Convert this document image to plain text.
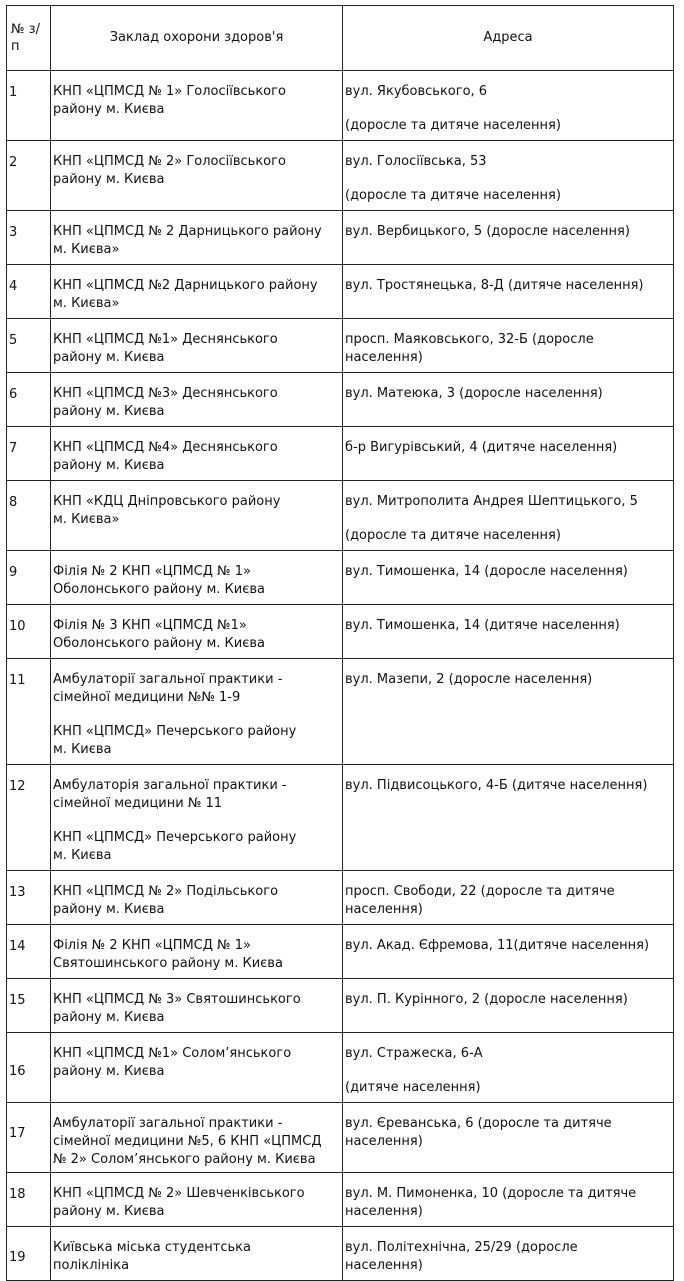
№ з/п	Заклад охорони здоров'я	Адреса

1	КНП «ЦПМСД № 1» Голосіївського
району м. Києва	вул. Якубовського, 6
(доросле та дитяче населення)

2	КНП «ЦПМСД № 2» Голосіївського
району м. Києва	вул. Голосіївська, 53
(доросле та дитяче населення)

3	КНП «ЦПМСД № 2 Дарницького району
м. Києва»	вул. Вербицького, 5 (доросле населення)

4	КНП «ЦПМСД №2 Дарницького району
м. Києва»	вул. Тростянецька, 8-Д (дитяче населення)

5	КНП «ЦПМСД №1» Деснянського
району м. Києва	просп. Маяковського, 32-Б (доросле
населення)

6	КНП «ЦПМСД №3» Деснянського
району м. Києва	вул. Матеюка, 3 (доросле населення)

7	КНП «ЦПМСД №4» Деснянського
району м. Києва	б-р Вигурівський, 4 (дитяче населення)

8	КНП «КДЦ Дніпровського району
м. Києва»	вул. Митрополита Андрея Шептицького, 5
(доросле та дитяче населення)

9	Філія № 2 КНП «ЦПМСД № 1»
Оболонського району м. Києва	вул. Тимошенка, 14 (доросле населення)

10	Філія № 3 КНП «ЦПМСД №1»
Оболонського району м. Києва	вул. Тимошенка, 14 (дитяче населення)

11	Амбулаторії загальної практики -
сімейної медицини №№ 1-9
КНП «ЦПМСД» Печерського району
м. Києва	вул. Мазепи, 2 (доросле населення)

12	Амбулаторія загальної практики -
сімейної медицини № 11
КНП «ЦПМСД» Печерського району
м. Києва	вул. Підвисоцького, 4-Б (дитяче населення)

13	КНП «ЦПМСД № 2» Подільського
району м. Києва	просп. Свободи, 22 (доросле та дитяче
населення)

14	Філія № 2 КНП «ЦПМСД № 1»
Святошинського району м. Києва	вул. Акад. Єфремова, 11(дитяче населення)

15	КНП «ЦПМСД № 3» Святошинського
району м. Києва	вул. П. Курінного, 2 (доросле населення)

16	КНП «ЦПМСД №1» Солом’янського
району м. Києва	вул. Стражеска, 6-А
(дитяче населення)

17	Амбулаторії загальної практики -
сімейної медицини №5, 6 КНП «ЦПМСД
№ 2» Солом’янського району м. Києва	вул. Єреванська, 6 (доросле та дитяче
населення)

18	КНП «ЦПМСД № 2» Шевченківського
району м. Києва	вул. М. Пимоненка, 10 (доросле та дитяче
населення)

19	Київська міська студентська
поліклініка	вул. Політехнічна, 25/29 (доросле
населення)
